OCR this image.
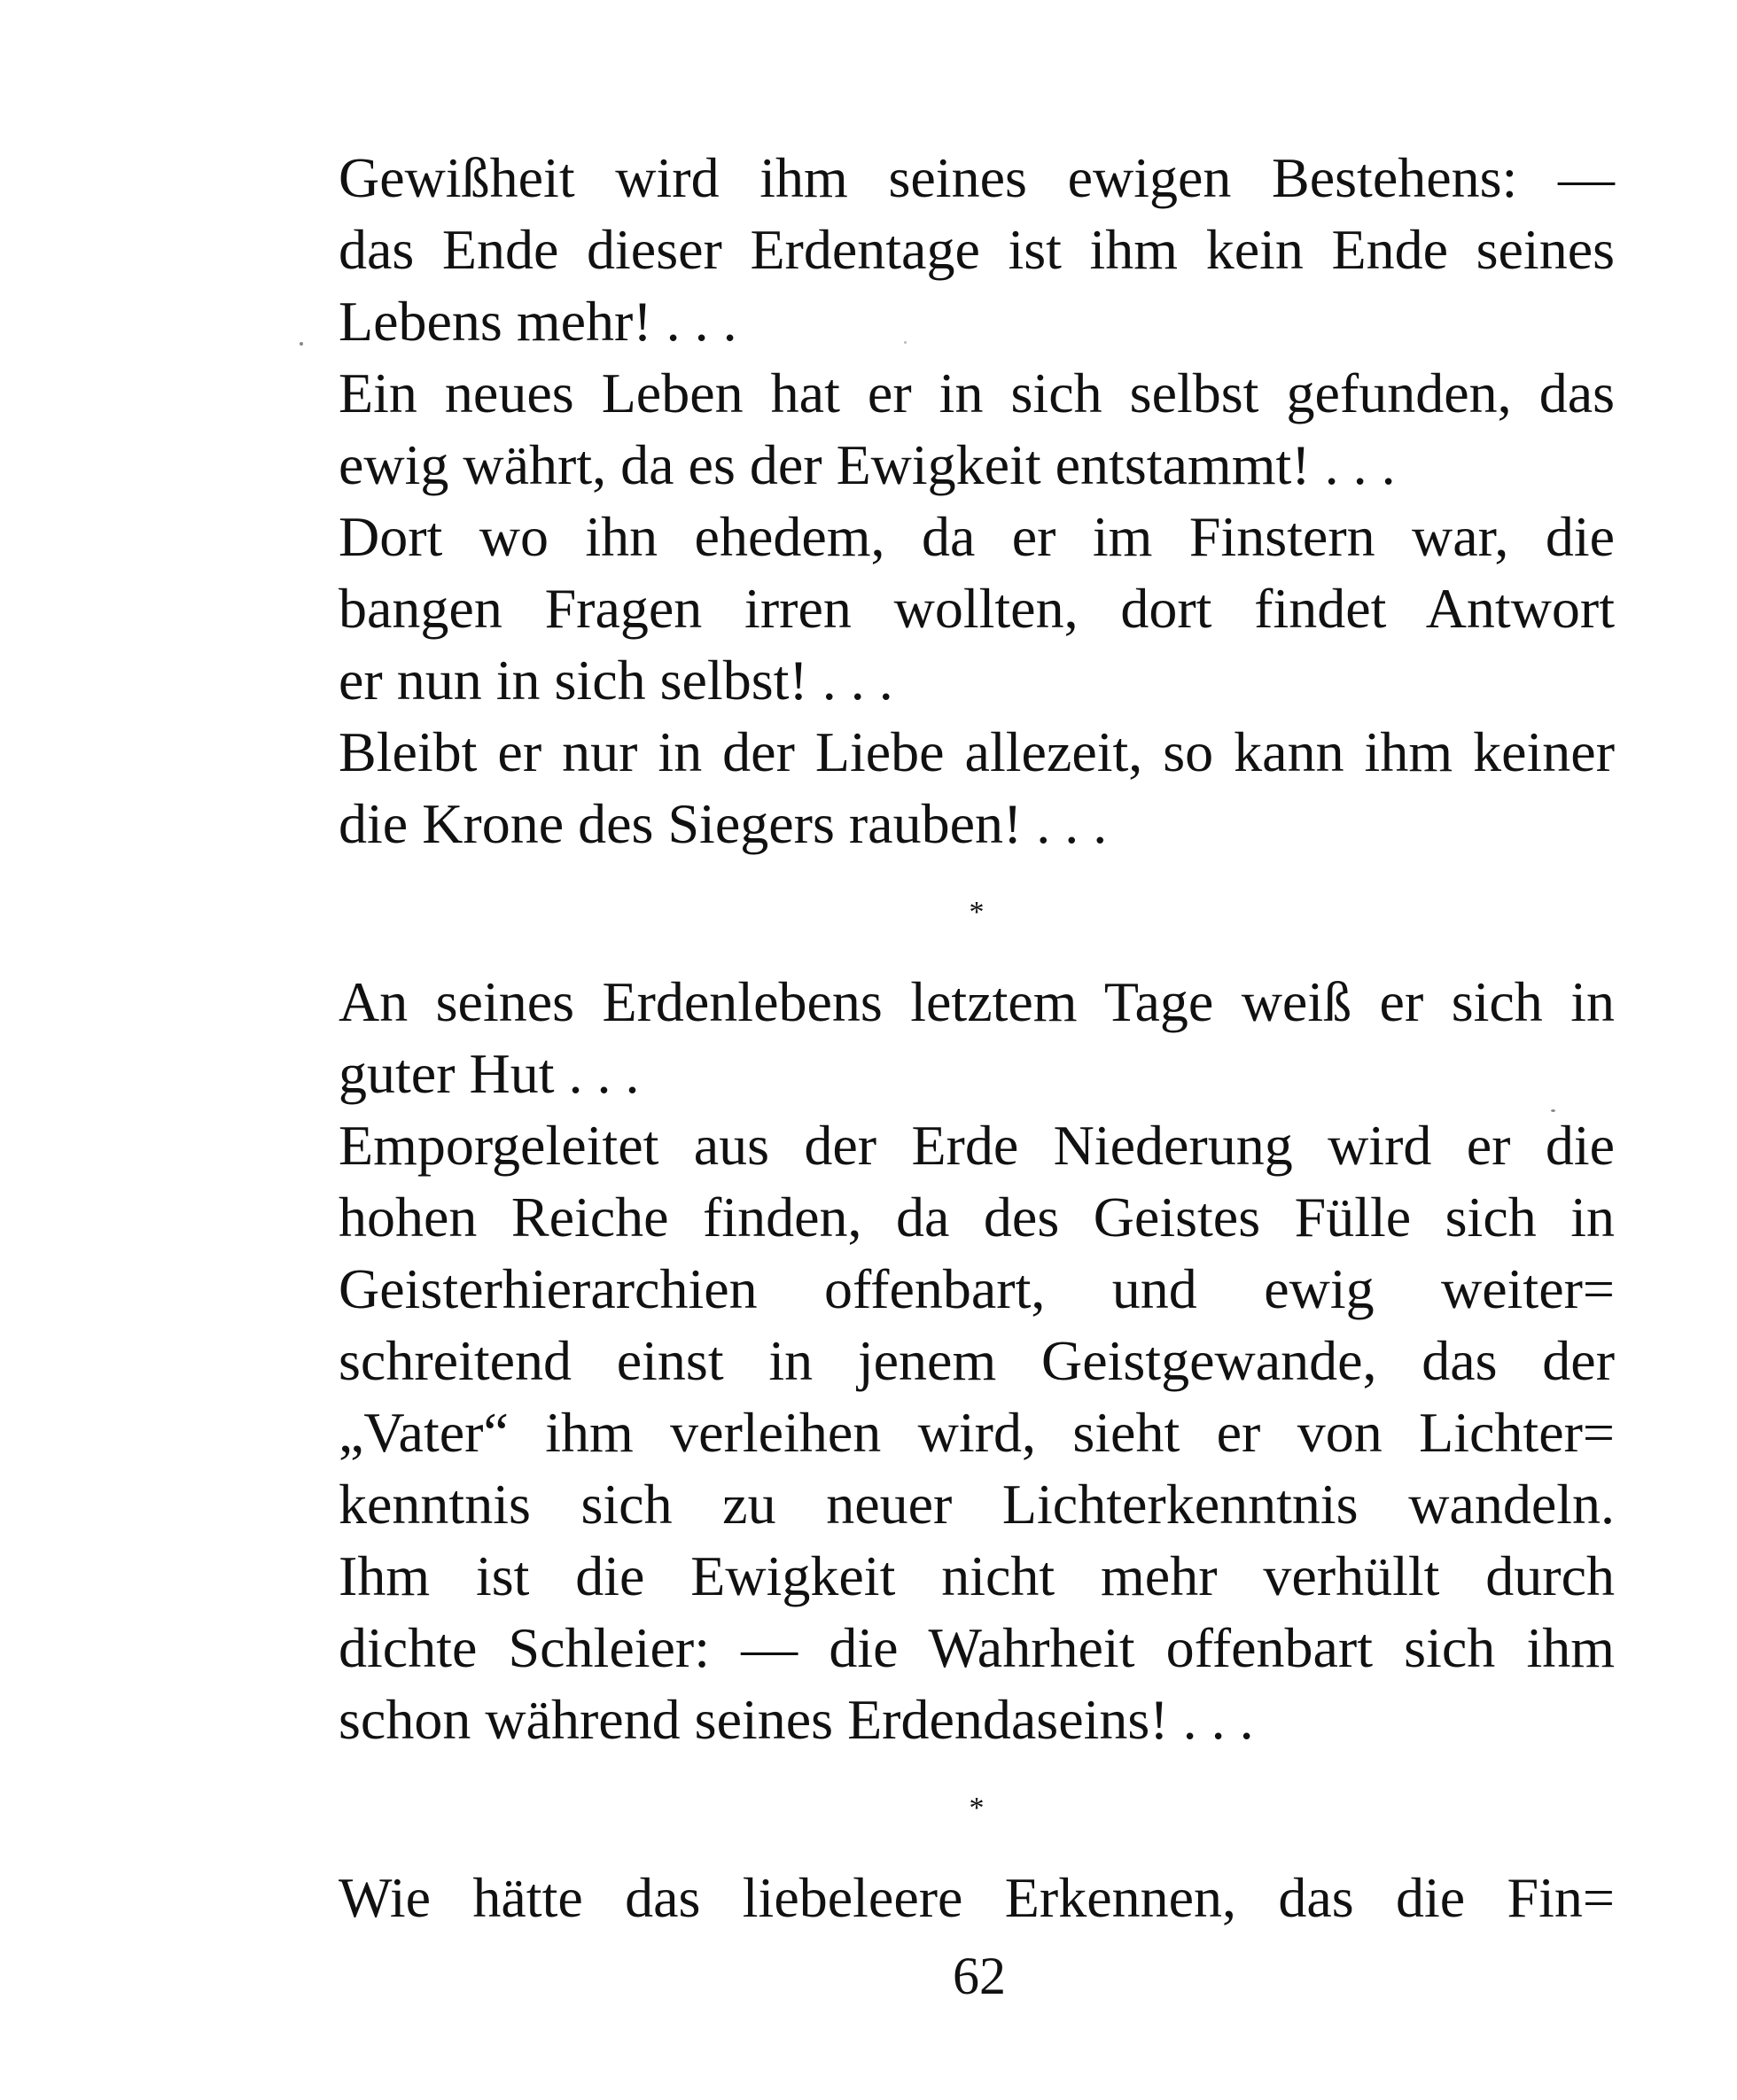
Gewißheit wird ihm seines ewigen Bestehens: —
das Ende dieser Erdentage ist ihm kein Ende seines
Lebens mehr! . . .
Ein neues Leben hat er in sich selbst gefunden, das
ewig währt, da es der Ewigkeit entstammt! . . .
Dort wo ihn ehedem, da er im Finstern war, die
bangen Fragen irren wollten, dort findet Antwort
er nun in sich selbst! . . .
Bleibt er nur in der Liebe allezeit, so kann ihm keiner
die Krone des Siegers rauben! . . .
*
An seines Erdenlebens letztem Tage weiß er sich in
guter Hut . . .
Emporgeleitet aus der Erde Niederung wird er die
hohen Reiche finden, da des Geistes Fülle sich in
Geisterhierarchien offenbart, und ewig weiter=
schreitend einst in jenem Geistgewande, das der
„Vater“ ihm verleihen wird, sieht er von Lichter=
kenntnis sich zu neuer Lichterkenntnis wandeln.
Ihm ist die Ewigkeit nicht mehr verhüllt durch
dichte Schleier: — die Wahrheit offenbart sich ihm
schon während seines Erdendaseins! . . .
*
Wie hätte das liebeleere Erkennen, das die Fin=
62
